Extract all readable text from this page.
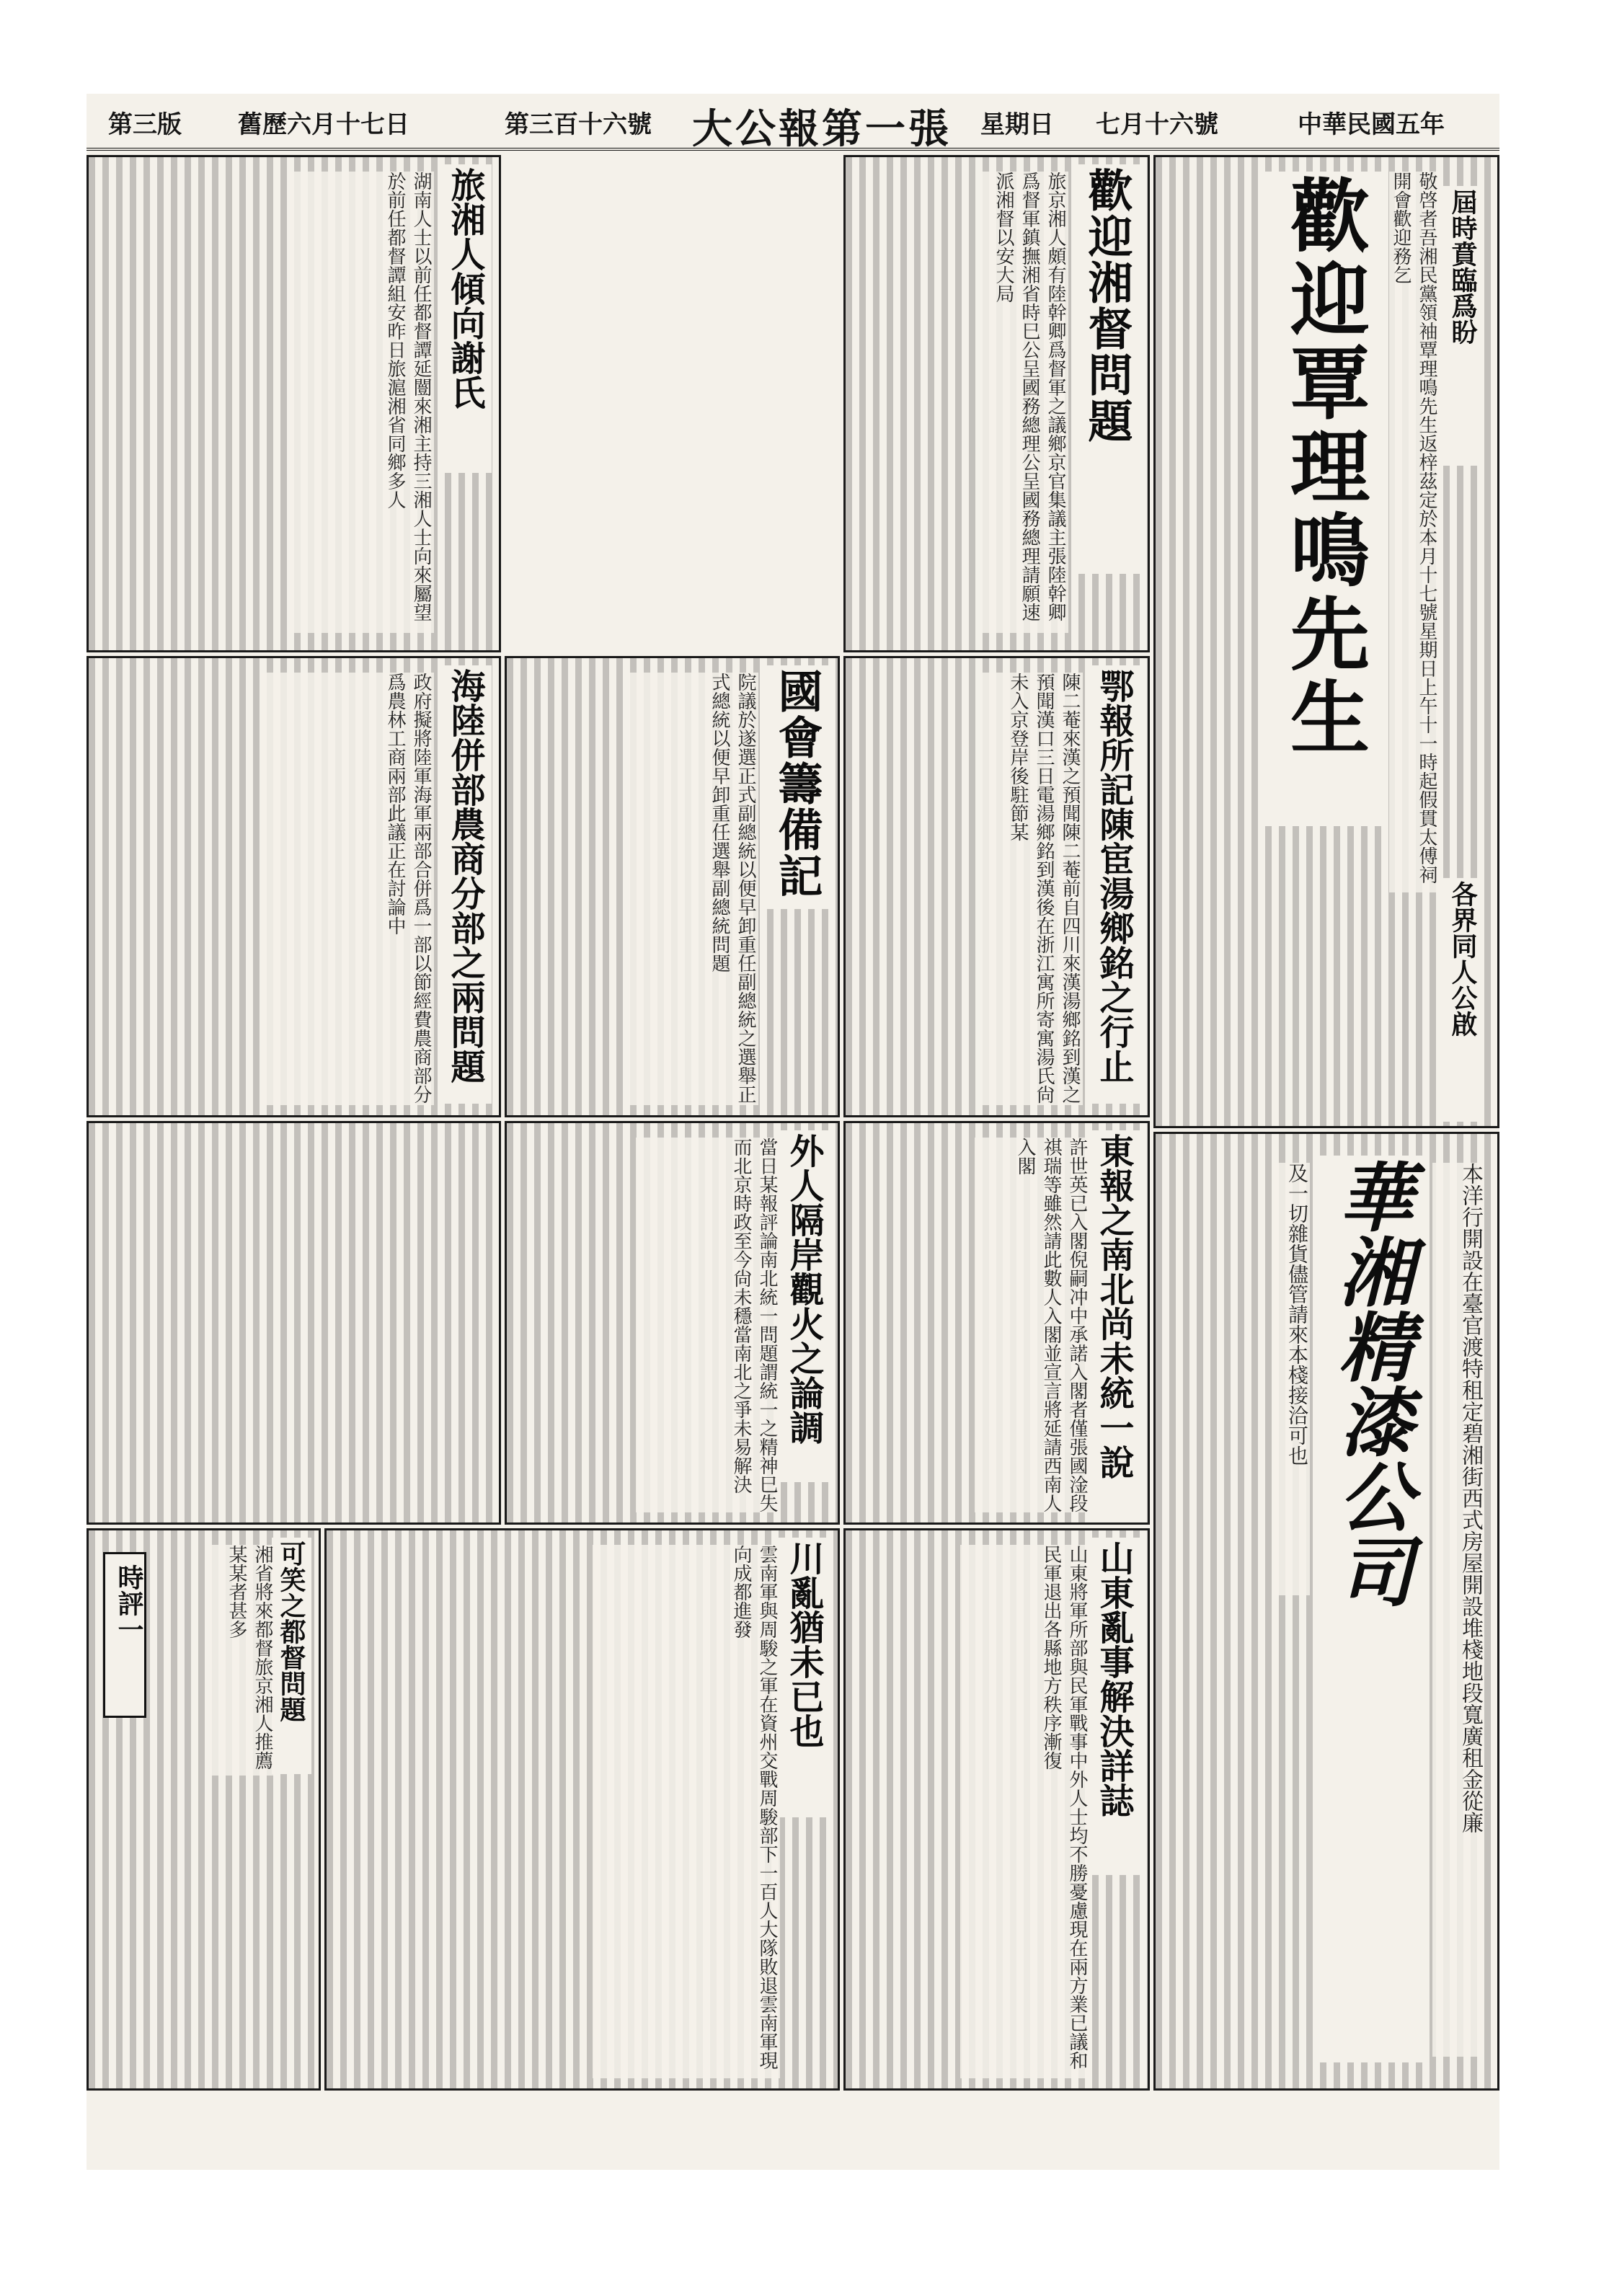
第三版 舊歷六月十七日	第三百十六號 大公報第一張 星期日 七月十六號	中華民國五年
歡迎覃理鳴先生	敬啓者吾湘民黨領袖覃理鳴先生返梓茲定於本月十七號星期日上午十一時起假貫太傅祠開會歡迎務乞	屆時賁臨爲盼
各界同人公啟
華湘精漆公司	本洋行開設在臺官渡特租定碧湘街西式房屋開設堆棧地段寬廣租金從廉
及一切雜貨儘管請來本棧接洽可也
歡迎湘督問題
旅京湘人頗有陸幹卿爲督軍之議鄉京官集議主張陸幹卿爲督軍鎮撫湘省時巳公呈國務總理公呈國務總理請願速派湘督以安大局
鄂報所記陳宦湯鄉銘之行止
陳二菴來漢之預聞陳二菴前自四川來漢湯鄉銘到漢之預聞漢口三日電湯鄉銘到漢後在浙江寓所寄寓湯氏尙未入京登岸後駐節某
東報之南北尚未統一說
許世英已入閣倪嗣冲中承諾入閣者僅張國淦段祺瑞等雖然請此數人入閣並宣言將延請西南人入閣
國會籌備記
院議於遂選正式副總統以便早卸重任副總統之選舉正式總統以便早卸重任選舉副總統問題
旅湘人傾向謝氏
湖南人士以前任都督譚延闓來湘主持三湘人士向來屬望於前任都督譚組安昨日旅滬湘省同鄉多人
海陸併部農商分部之兩問題
政府擬將陸軍海軍兩部合併爲一部以節經費農商部分爲農林工商兩部此議正在討論中
外人隔岸觀火之論調
當日某報評論南北統一問題謂統一之精神巳失而北京時政至今尙未穩當南北之爭未易解決
山東亂事解決詳誌
山東將軍所部與民軍戰事中外人士均不勝憂慮現在兩方業已議和民軍退出各縣地方秩序漸復
川亂猶未已也
雲南軍與周駿之軍在資州交戰周駿部下一百人大隊敗退雲南軍現向成都進發
可笑之都督問題
湘省將來都督旅京湘人推薦某某者甚多
時評一
